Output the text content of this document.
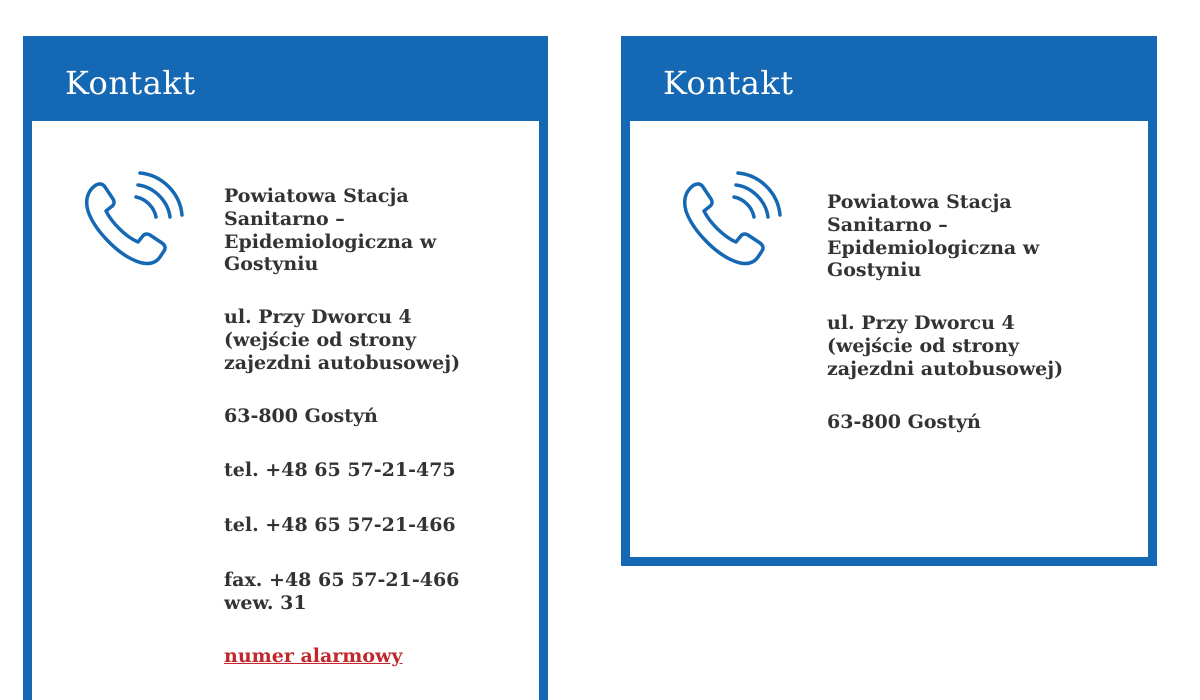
Kontakt
Powiatowa Stacja
Sanitarno –
Epidemiologiczna w
Gostyniu
ul. Przy Dworcu 4
(wejście od strony
zajezdni autobusowej)
63-800 Gostyń
tel. +48 65 57-21-475
tel. +48 65 57-21-466
fax. +48 65 57-21-466
wew. 31
numer alarmowy
Kontakt
Powiatowa Stacja
Sanitarno –
Epidemiologiczna w
Gostyniu
ul. Przy Dworcu 4
(wejście od strony
zajezdni autobusowej)
63-800 Gostyń
